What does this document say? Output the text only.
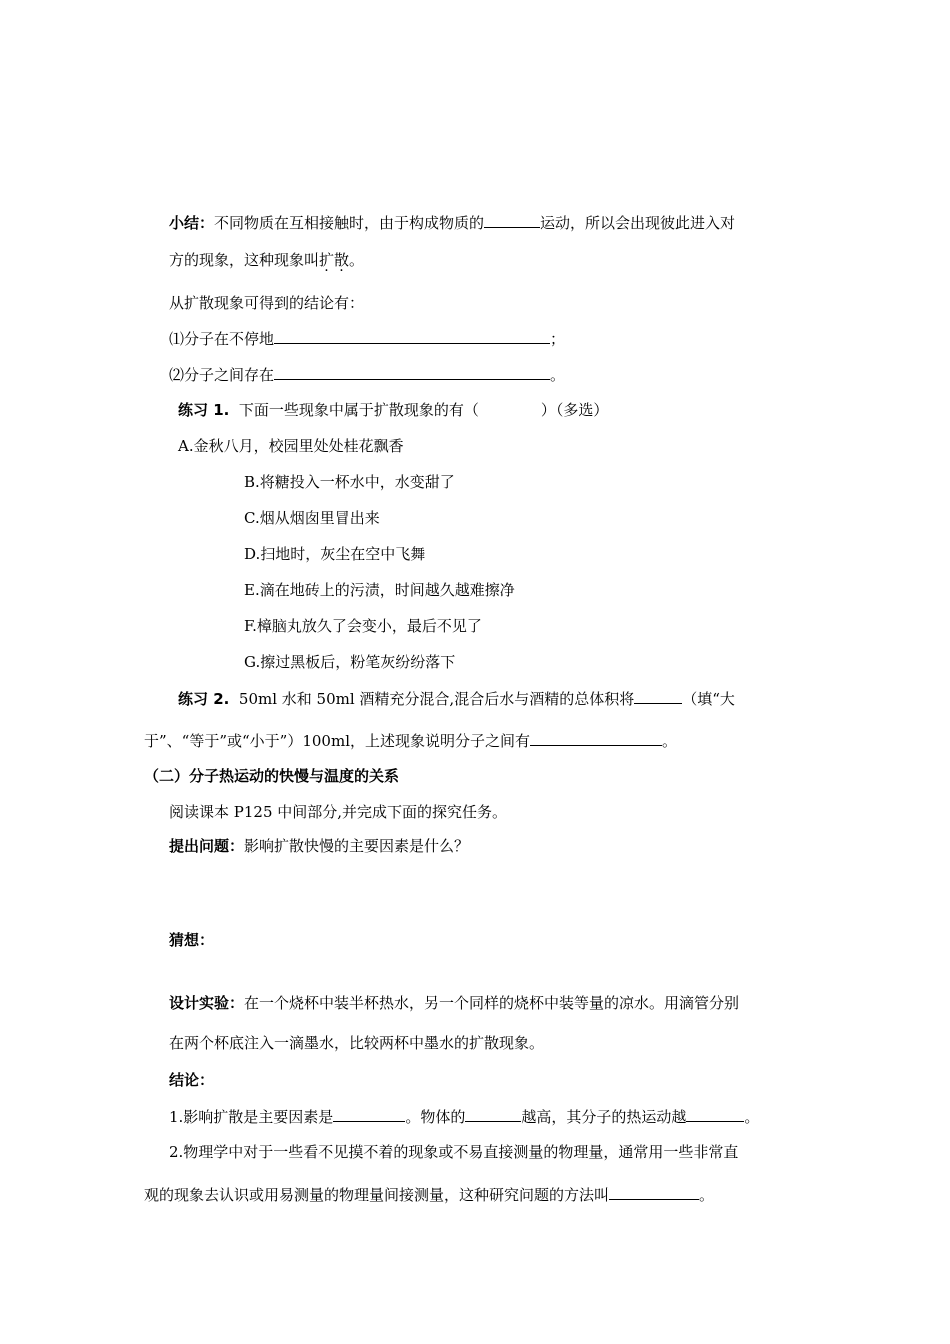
小结：不同物质在互相接触时，由于构成物质的	运动，所以会出现彼此进入对
方的现象，这种现象叫扩散。
从扩散现象可得到的结论有：
⑴分子在不停地	；
⑵分子之间存在	。
练习 1. 下面一些现象中属于扩散现象的有（	）（多选）
A.金秋八月，校园里处处桂花飘香
B.将糖投入一杯水中，水变甜了
C.烟从烟囱里冒出来
D.扫地时，灰尘在空中飞舞
E.滴在地砖上的污渍，时间越久越难擦净
F.樟脑丸放久了会变小，最后不见了
G.擦过黑板后，粉笔灰纷纷落下
练习 2. 50ml 水和 50ml 酒精充分混合,混合后水与酒精的总体积将	（填“大
于”、“等于”或“小于”）100ml，上述现象说明分子之间有	。
（二）分子热运动的快慢与温度的关系
阅读课本 P125 中间部分,并完成下面的探究任务。
提出问题：影响扩散快慢的主要因素是什么？
猜想：
设计实验：在一个烧杯中装半杯热水，另一个同样的烧杯中装等量的凉水。用滴管分别
在两个杯底注入一滴墨水，比较两杯中墨水的扩散现象。
结论：
1.影响扩散是主要因素是	。物体的	越高，其分子的热运动越	。
2.物理学中对于一些看不见摸不着的现象或不易直接测量的物理量，通常用一些非常直
观的现象去认识或用易测量的物理量间接测量，这种研究问题的方法叫	。
